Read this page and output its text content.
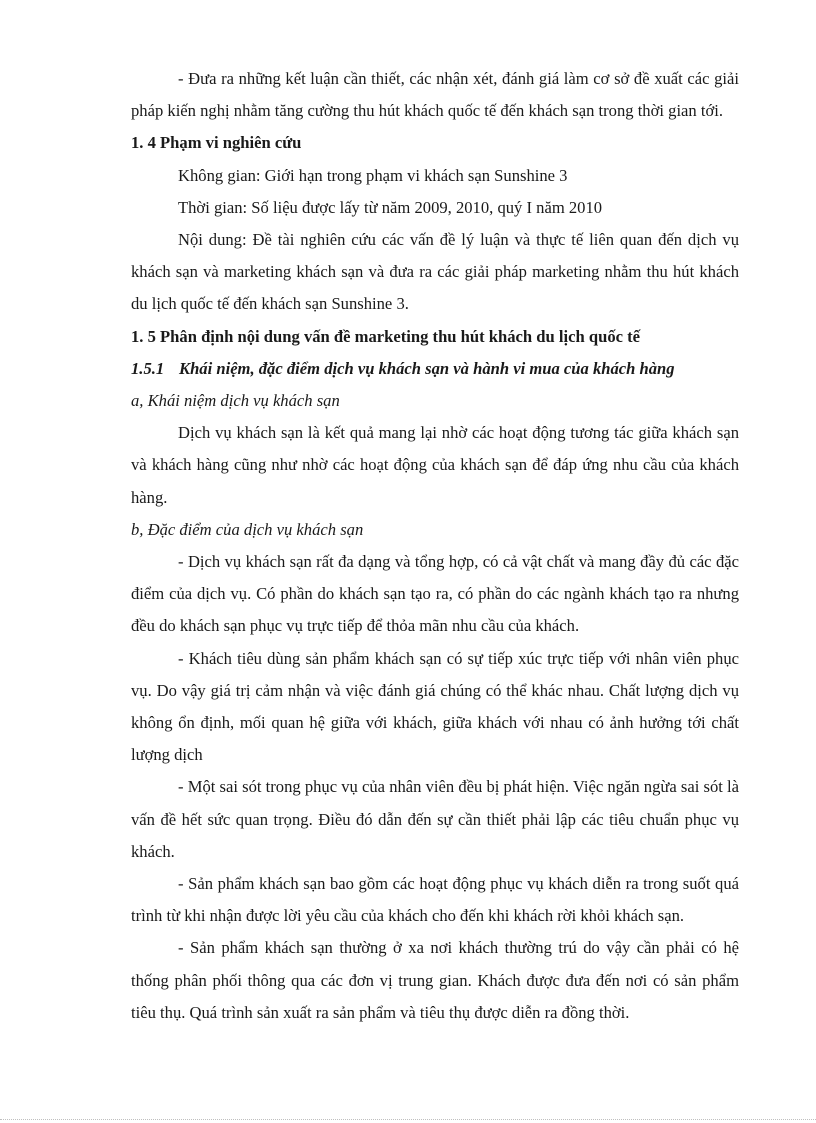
- Đưa ra những kết luận cần thiết, các nhận xét, đánh giá làm cơ sở đề xuất các giải pháp kiến nghị nhằm tăng cường thu hút khách quốc tế đến khách sạn trong thời gian tới.

1. 4 Phạm vi nghiên cứu

Không gian: Giới hạn trong phạm vi khách sạn Sunshine 3

Thời gian: Số liệu được lấy từ năm 2009, 2010, quý I năm 2010

Nội dung: Đề tài nghiên cứu các vấn đề lý luận và thực tế liên quan đến dịch vụ khách sạn và marketing khách sạn và đưa ra các giải pháp marketing nhằm thu hút khách du lịch quốc tế đến khách sạn Sunshine 3.

1. 5 Phân định nội dung vấn đề marketing thu hút khách du lịch quốc tế

1.5.1 Khái niệm, đặc điểm dịch vụ khách sạn và hành vi mua của khách hàng

a, Khái niệm dịch vụ khách sạn

Dịch vụ khách sạn là kết quả mang lại nhờ các hoạt động tương tác giữa khách sạn và khách hàng cũng như nhờ các hoạt động của khách sạn để đáp ứng nhu cầu của khách hàng.

b, Đặc điểm của dịch vụ khách sạn

- Dịch vụ khách sạn rất đa dạng và tổng hợp, có cả vật chất và mang đầy đủ các đặc điểm của dịch vụ. Có phần do khách sạn tạo ra, có phần do các ngành khách tạo ra nhưng đều do khách sạn phục vụ trực tiếp để thỏa mãn nhu cầu của khách.

- Khách tiêu dùng sản phẩm khách sạn có sự tiếp xúc trực tiếp với nhân viên phục vụ. Do vậy giá trị cảm nhận và việc đánh giá chúng có thể khác nhau. Chất lượng dịch vụ không ổn định, mối quan hệ giữa với khách, giữa khách với nhau có ảnh hưởng tới chất lượng dịch

- Một sai sót trong phục vụ của nhân viên đều bị phát hiện. Việc ngăn ngừa sai sót là vấn đề hết sức quan trọng. Điều đó dẫn đến sự cần thiết phải lập các tiêu chuẩn phục vụ khách.

- Sản phẩm khách sạn bao gồm các hoạt động phục vụ khách diễn ra trong suốt quá trình từ khi nhận được lời yêu cầu của khách cho đến khi khách rời khỏi khách sạn.

- Sản phẩm khách sạn thường ở xa nơi khách thường trú do vậy cần phải có hệ thống phân phối thông qua các đơn vị trung gian. Khách được đưa đến nơi có sản phẩm tiêu thụ. Quá trình sản xuất ra sản phẩm và tiêu thụ được diễn ra đồng thời.
